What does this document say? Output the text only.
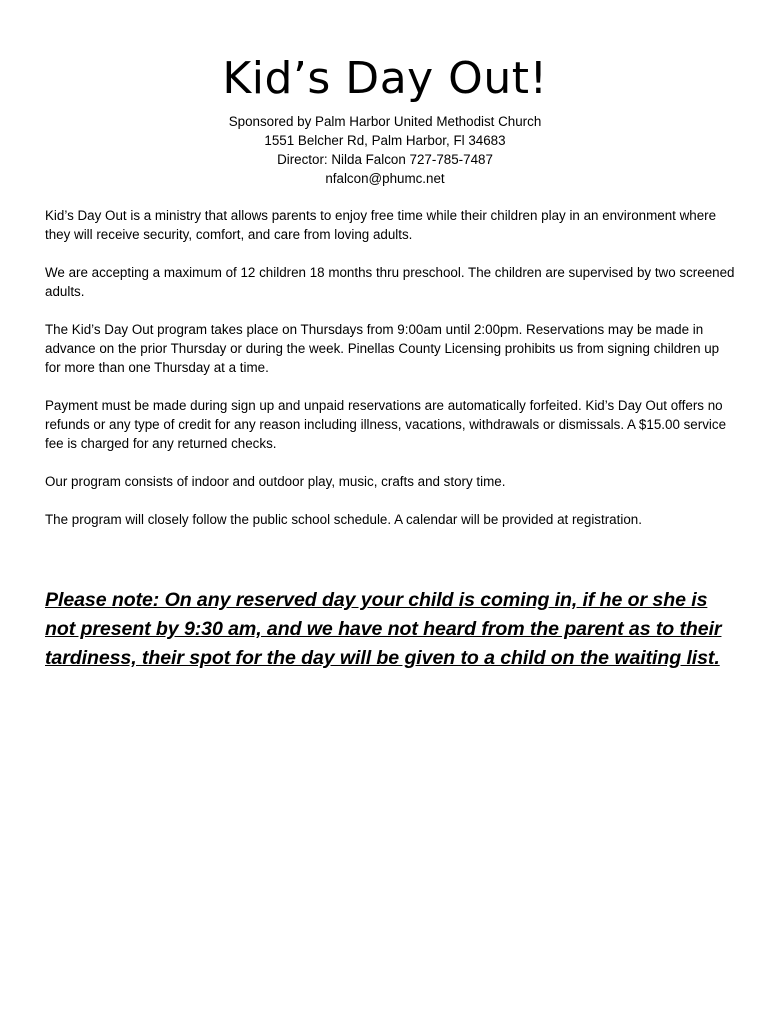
Kid’s Day Out!
Sponsored by Palm Harbor United Methodist Church
1551 Belcher Rd, Palm Harbor, Fl 34683
Director: Nilda Falcon 727-785-7487
nfalcon@phumc.net

Kid’s Day Out is a ministry that allows parents to enjoy free time while their children play in an environment where they will receive security, comfort, and care from loving adults.

We are accepting a maximum of 12 children 18 months thru preschool. The children are supervised by two screened adults.

The Kid’s Day Out program takes place on Thursdays from 9:00am until 2:00pm. Reservations may be made in advance on the prior Thursday or during the week. Pinellas County Licensing prohibits us from signing children up for more than one Thursday at a time.

Payment must be made during sign up and unpaid reservations are automatically forfeited. Kid’s Day Out offers no refunds or any type of credit for any reason including illness, vacations, withdrawals or dismissals. A $15.00 service fee is charged for any returned checks.

Our program consists of indoor and outdoor play, music, crafts and story time.

The program will closely follow the public school schedule. A calendar will be provided at registration.

Please note: On any reserved day your child is coming in, if he or she is not present by 9:30 am, and we have not heard from the parent as to their tardiness, their spot for the day will be given to a child on the waiting list.
